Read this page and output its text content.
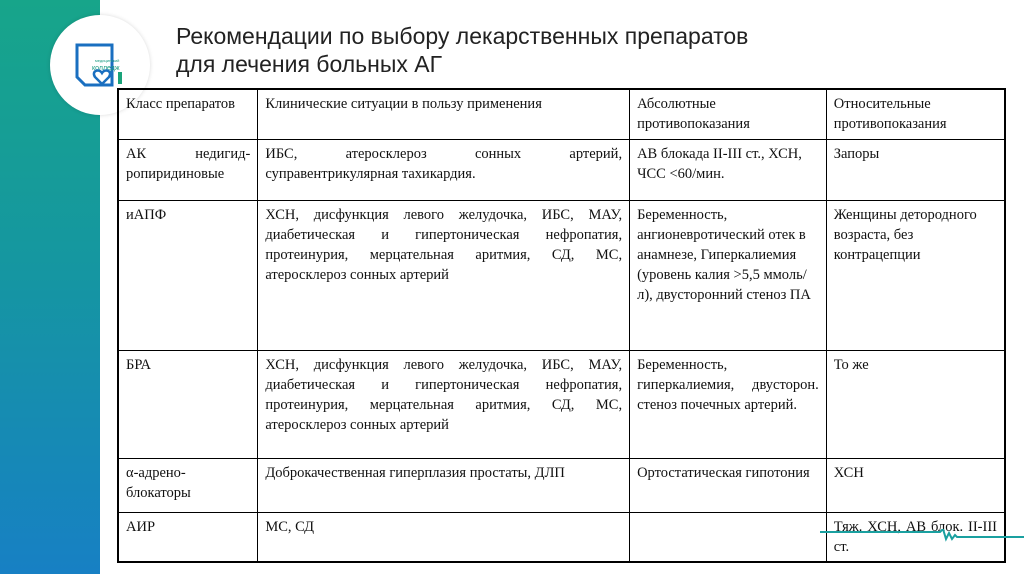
медицинский
колледж
Рекомендации по выбору лекарственных препаратов
для лечения больных АГ
Класс препаратов	Клинические ситуации в пользу применения	Абсолютные противопоказания	Относительные противопоказания
АК недигид-ропиридиновые	ИБС, атеросклероз сонных артерий, суправентрикулярная тахикардия.	АВ блокада II-III ст., ХСН, ЧСС <60/мин.	Запоры
иАПФ	ХСН, дисфункция левого желудочка, ИБС, МАУ, диабетическая и гипертоническая нефропатия, протеинурия, мерцательная аритмия, СД, МС, атеросклероз сонных артерий	Беременность, ангионевротический отек в анамнезе, Гиперкалиемия (уровень калия >5,5 ммоль/л), двусторонний стеноз ПА	Женщины детородного возраста, без контрацепции
БРА	ХСН, дисфункция левого желудочка, ИБС, МАУ, диабетическая и гипертоническая нефропатия, протеинурия, мерцательная аритмия, СД, МС, атеросклероз сонных артерий	Беременность, гиперкалиемия, двусторон. стеноз почечных артерий.	То же
α-адрено-блокаторы	Доброкачественная гиперплазия простаты, ДЛП	Ортостатическая гипотония	ХСН
АИР	МС, СД		Тяж. ХСН, АВ блок. II-III ст.
